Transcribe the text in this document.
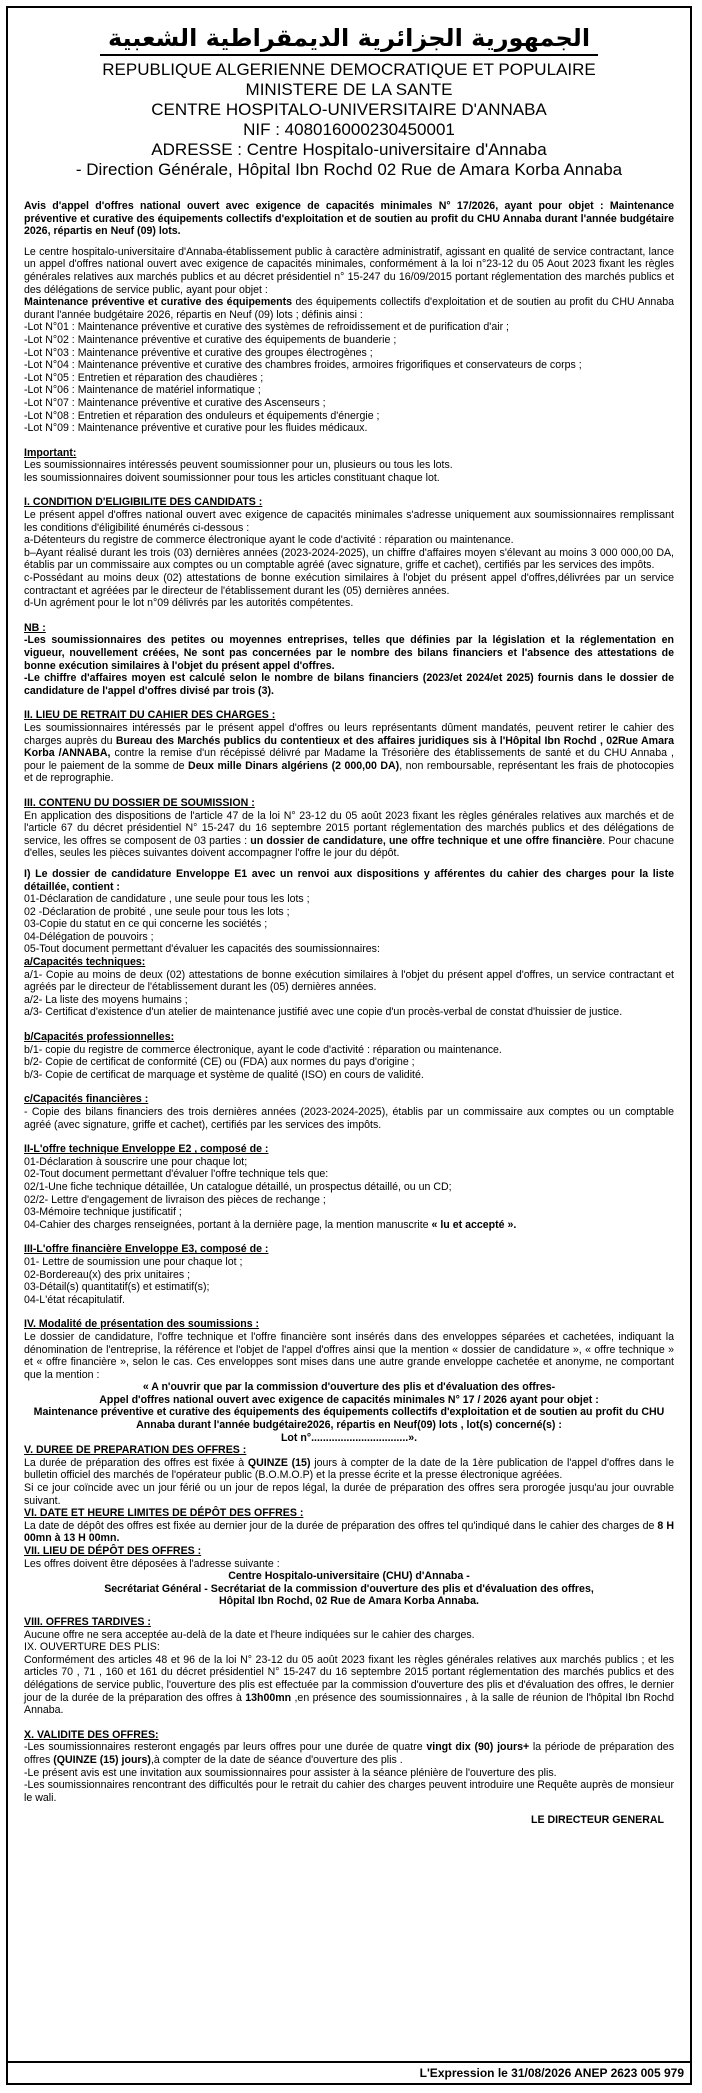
الجمهورية الجزائرية الديمقراطية الشعبية
REPUBLIQUE ALGERIENNE DEMOCRATIQUE ET POPULAIRE
MINISTERE DE LA SANTE
CENTRE HOSPITALO-UNIVERSITAIRE D'ANNABA
NIF : 408016000230450001
ADRESSE : Centre Hospitalo-universitaire d'Annaba
- Direction Générale, Hôpital Ibn Rochd 02 Rue de Amara Korba Annaba

Avis d'appel d'offres national ouvert avec exigence de capacités minimales N° 17/2026, ayant pour objet : Maintenance préventive et curative des équipements collectifs d'exploitation et de soutien au profit du CHU Annaba durant l'année budgétaire 2026, répartis en Neuf (09) lots.

Le centre hospitalo-universitaire d'Annaba-établissement public à caractère administratif, agissant en qualité de service contractant, lance un appel d'offres national ouvert avec exigence de capacités minimales, conformément à la loi n°23-12 du 05 Aout 2023 fixant les règles générales relatives aux marchés publics et au décret présidentiel n° 15-247 du 16/09/2015 portant réglementation des marchés publics et des délégations de service public, ayant pour objet :
Maintenance préventive et curative des équipements des équipements collectifs d'exploitation et de soutien au profit du CHU Annaba durant l'année budgétaire 2026, répartis en Neuf (09) lots ; définis ainsi :

-Lot N°01 : Maintenance préventive et curative des systèmes de refroidissement et de purification d'air ;

-Lot N°02 : Maintenance préventive et curative des équipements de buanderie ;

-Lot N°03 : Maintenance préventive et curative des groupes électrogènes ;

-Lot N°04 : Maintenance préventive et curative des chambres froides, armoires frigorifiques et conservateurs de corps ;

-Lot N°05 : Entretien et réparation des chaudières ;

-Lot N°06 : Maintenance de matériel informatique ;

-Lot N°07 : Maintenance préventive et curative des Ascenseurs ;

-Lot N°08 : Entretien et réparation des onduleurs et équipements d'énergie ;

-Lot N°09 : Maintenance préventive et curative pour les fluides médicaux.

Important:

Les soumissionnaires intéressés peuvent soumissionner pour un, plusieurs ou tous les lots.

les soumissionnaires doivent soumissionner pour tous les articles constituant chaque lot.

I. CONDITION D'ELIGIBILITE DES CANDIDATS :

Le présent appel d'offres national ouvert avec exigence de capacités minimales s'adresse uniquement aux soumissionnaires remplissant les conditions d'éligibilité énumérés ci-dessous :

a-Détenteurs du registre de commerce électronique ayant le code d'activité : réparation ou maintenance.

b–Ayant réalisé durant les trois (03) dernières années (2023-2024-2025), un chiffre d'affaires moyen s'élevant au moins 3 000 000,00 DA, établis par un commissaire aux comptes ou un comptable agréé (avec signature, griffe et cachet), certifiés par les services des impôts.

c-Possédant au moins deux (02) attestations de bonne exécution similaires à l'objet du présent appel d'offres,délivrées par un service contractant et agréées par le directeur de l'établissement durant les (05) dernières années.

d-Un agrément pour le lot n°09 délivrés par les autorités compétentes.

NB :

-Les soumissionnaires des petites ou moyennes entreprises, telles que définies par la législation et la réglementation en vigueur, nouvellement créées, Ne sont pas concernées par le nombre des bilans financiers et l'absence des attestations de bonne exécution similaires à l'objet du présent appel d'offres.

-Le chiffre d'affaires moyen est calculé selon le nombre de bilans financiers (2023/et 2024/et 2025) fournis dans le dossier de candidature de l'appel d'offres divisé par trois (3).

II. LIEU DE RETRAIT DU CAHIER DES CHARGES :

Les soumissionnaires intéressés par le présent appel d'offres ou leurs représentants dûment mandatés, peuvent retirer le cahier des charges auprès du Bureau des Marchés publics du contentieux et des affaires juridiques sis à l'Hôpital Ibn Rochd , 02Rue Amara Korba /ANNABA, contre la remise d'un récépissé délivré par Madame la Trésorière des établissements de santé et du CHU Annaba , pour le paiement de la somme de Deux mille Dinars algériens (2 000,00 DA), non remboursable, représentant les frais de photocopies et de reprographie.

III. CONTENU DU DOSSIER DE SOUMISSION :

En application des dispositions de l'article 47 de la loi N° 23-12 du 05 août 2023 fixant les règles générales relatives aux marchés et de l'article 67 du décret présidentiel N° 15-247 du 16 septembre 2015 portant réglementation des marchés publics et des délégations de service, les offres se composent de 03 parties : un dossier de candidature, une offre technique et une offre financière. Pour chacune d'elles, seules les pièces suivantes doivent accompagner l'offre le jour du dépôt.

I) Le dossier de candidature Enveloppe E1 avec un renvoi aux dispositions y afférentes du cahier des charges pour la liste détaillée, contient :

01-Déclaration de candidature , une seule pour tous les lots ;

02 -Déclaration de probité , une seule pour tous les lots ;

03-Copie du statut en ce qui concerne les sociétés ;

04-Délégation de pouvoirs ;

05-Tout document permettant d'évaluer les capacités des soumissionnaires:

a/Capacités techniques:

a/1- Copie au moins de deux (02) attestations de bonne exécution similaires à l'objet du présent appel d'offres, un service contractant et agréés par le directeur de l'établissement durant les (05) dernières années.

a/2- La liste des moyens humains ;

a/3- Certificat d'existence d'un atelier de maintenance justifié avec une copie d'un procès-verbal de constat d'huissier de justice.

b/Capacités professionnelles:

b/1- copie du registre de commerce électronique, ayant le code d'activité : réparation ou maintenance.

b/2- Copie de certificat de conformité (CE) ou (FDA) aux normes du pays d'origine ;

b/3- Copie de certificat de marquage et système de qualité (ISO) en cours de validité.

c/Capacités financières :

- Copie des bilans financiers des trois dernières années (2023-2024-2025), établis par un commissaire aux comptes ou un comptable agréé (avec signature, griffe et cachet), certifiés par les services des impôts.

II-L'offre technique Enveloppe E2 , composé de :

01-Déclaration à souscrire une pour chaque lot;

02-Tout document permettant d'évaluer l'offre technique tels que:

02/1-Une fiche technique détaillée, Un catalogue détaillé, un prospectus détaillé, ou un CD;

02/2- Lettre d'engagement de livraison des pièces de rechange ;

03-Mémoire technique justificatif ;

04-Cahier des charges renseignées, portant à la dernière page, la mention manuscrite « lu et accepté ».

III-L'offre financière Enveloppe E3, composé de :

01- Lettre de soumission une pour chaque lot ;

02-Bordereau(x) des prix unitaires ;

03-Détail(s) quantitatif(s) et estimatif(s);

04-L'état récapitulatif.

IV. Modalité de présentation des soumissions :

Le dossier de candidature, l'offre technique et l'offre financière sont insérés dans des enveloppes séparées et cachetées, indiquant la dénomination de l'entreprise, la référence et l'objet de l'appel d'offres ainsi que la mention « dossier de candidature », « offre technique » et « offre financière », selon le cas. Ces enveloppes sont mises dans une autre grande enveloppe cachetée et anonyme, ne comportant que la mention :

« A n'ouvrir que par la commission d'ouverture des plis et d'évaluation des offres-

Appel d'offres national ouvert avec exigence de capacités minimales N° 17 / 2026 ayant pour objet :

Maintenance préventive et curative des équipements des équipements collectifs d'exploitation et de soutien au profit du CHU Annaba durant l'année budgétaire2026, répartis en Neuf(09) lots , lot(s) concerné(s) :

Lot n°.................................».

V. DUREE DE PREPARATION DES OFFRES :

La durée de préparation des offres est fixée à QUINZE (15) jours à compter de la date de la 1ère publication de l'appel d'offres dans le bulletin officiel des marchés de l'opérateur public (B.O.M.O.P) et la presse écrite et la presse électronique agréées.

Si ce jour coïncide avec un jour férié ou un jour de repos légal, la durée de préparation des offres sera prorogée jusqu'au jour ouvrable suivant.

VI. DATE ET HEURE LIMITES DE DÉPÔT DES OFFRES :

La date de dépôt des offres est fixée au dernier jour de la durée de préparation des offres tel qu'indiqué dans le cahier des charges de 8 H 00mn à 13 H 00mn.

VII. LIEU DE DÉPÔT DES OFFRES :

Les offres doivent être déposées à l'adresse suivante :

Centre Hospitalo-universitaire (CHU) d'Annaba -

Secrétariat Général - Secrétariat de la commission d'ouverture des plis et d'évaluation des offres,

Hôpital Ibn Rochd, 02 Rue de Amara Korba Annaba.

VIII. OFFRES TARDIVES :

Aucune offre ne sera acceptée au-delà de la date et l'heure indiquées sur le cahier des charges.

IX. OUVERTURE DES PLIS:

Conformément des articles 48 et 96 de la loi N° 23-12 du 05 août 2023 fixant les règles générales relatives aux marchés publics ; et les articles 70 , 71 , 160 et 161 du décret présidentiel N° 15-247 du 16 septembre 2015 portant réglementation des marchés publics et des délégations de service public, l'ouverture des plis est effectuée par la commission d'ouverture des plis et d'évaluation des offres, le dernier jour de la durée de la préparation des offres à 13h00mn ,en présence des soumissionnaires , à la salle de réunion de l'hôpital Ibn Rochd Annaba.

X. VALIDITE DES OFFRES:

-Les soumissionnaires resteront engagés par leurs offres pour une durée de quatre vingt dix (90) jours+ la période de préparation des offres (QUINZE (15) jours),à compter de la date de séance d'ouverture des plis .

-Le présent avis est une invitation aux soumissionnaires pour assister à la séance plénière de l'ouverture des plis.

-Les soumissionnaires rencontrant des difficultés pour le retrait du cahier des charges peuvent introduire une Requête auprès de monsieur le wali.

LE DIRECTEUR GENERAL
L'Expression le 31/08/2026 ANEP 2623 005 979
